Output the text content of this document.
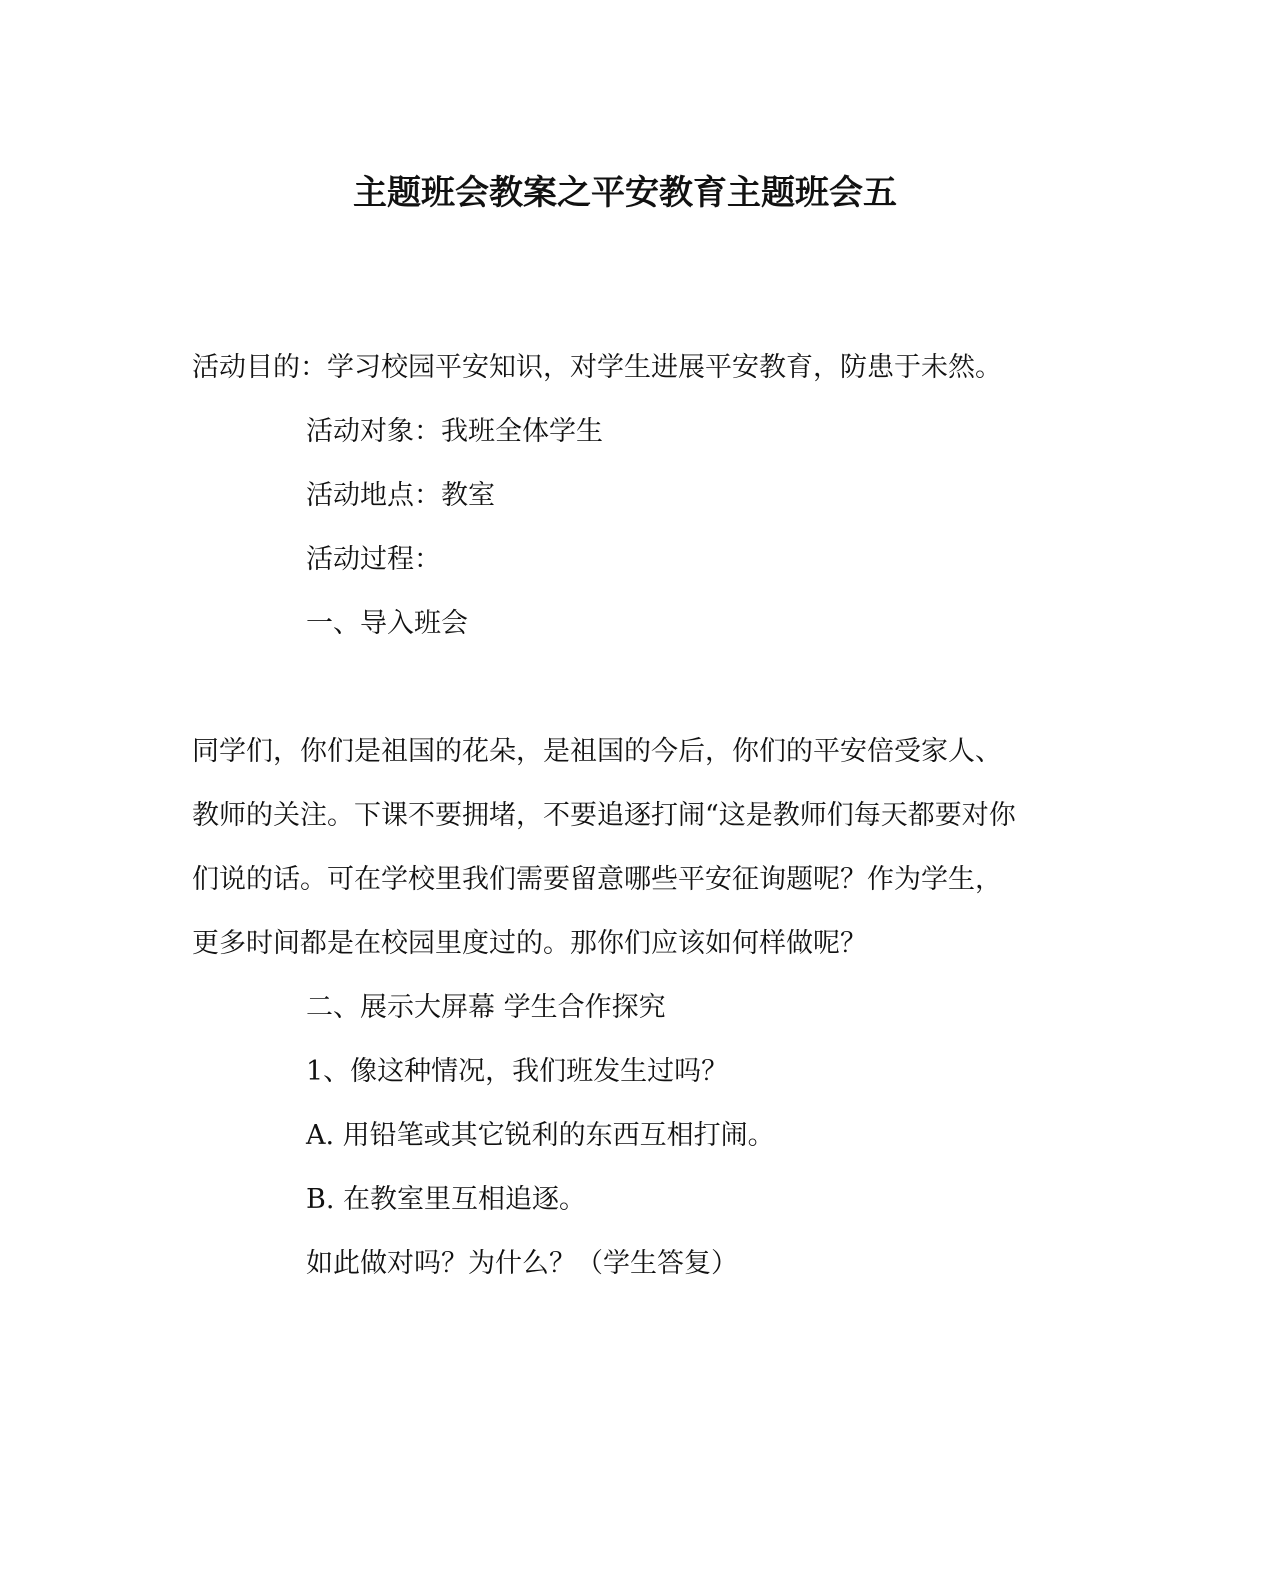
主题班会教案之平安教育主题班会五
活动目的：学习校园平安知识，对学生进展平安教育，防患于未然。
活动对象：我班全体学生
活动地点：教室
活动过程：
一、导入班会
同学们，你们是祖国的花朵，是祖国的今后，你们的平安倍受家人、
教师的关注。下课不要拥堵，不要追逐打闹“这是教师们每天都要对你
们说的话。可在学校里我们需要留意哪些平安征询题呢？作为学生，
更多时间都是在校园里度过的。那你们应该如何样做呢？
二、展示大屏幕 学生合作探究
1、像这种情况，我们班发生过吗？
A. 用铅笔或其它锐利的东西互相打闹。
B. 在教室里互相追逐。
如此做对吗？为什么？（学生答复）
